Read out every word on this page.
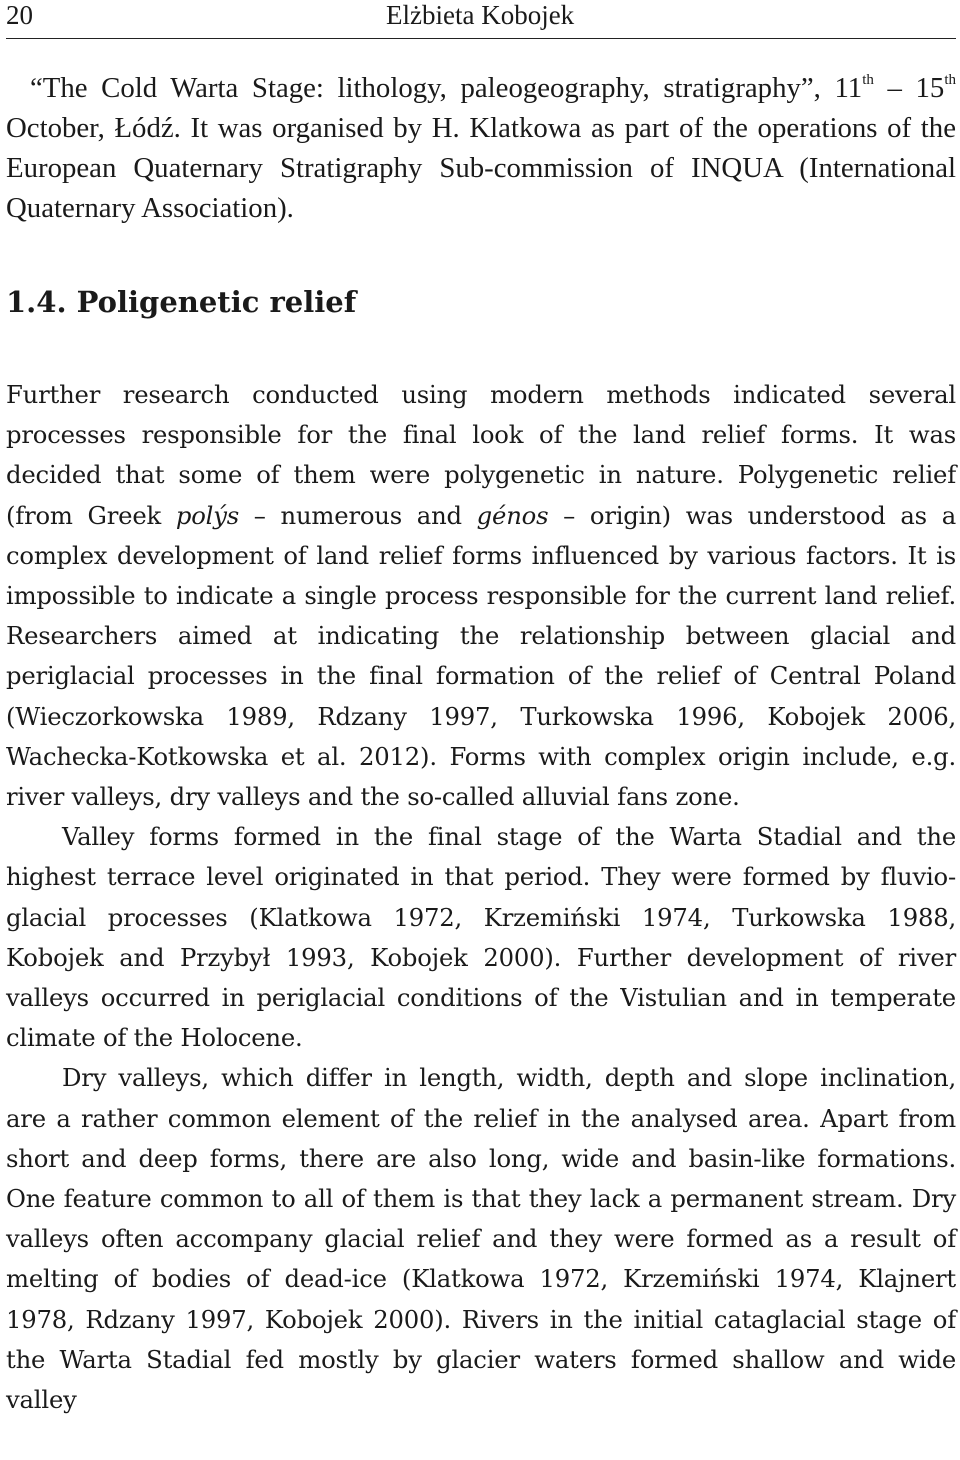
20	Elżbieta Kobojek

“The Cold Warta Stage: lithology, paleogeography, stratigraphy”, 11th – 15th October, Łódź. It was organised by H. Klatkowa as part of the operations of the European Quaternary Stratigraphy Sub-commission of INQUA (International Quaternary Association).

1.4. Poligenetic relief

Further research conducted using modern methods indicated several processes responsible for the final look of the land relief forms. It was decided that some of them were polygenetic in nature. Polygenetic relief (from Greek polýs – numerous and génos – origin) was understood as a complex development of land relief forms influenced by various factors. It is impossible to indicate a single process responsible for the current land relief. Researchers aimed at indicating the relationship between glacial and periglacial processes in the final formation of the relief of Central Poland (Wieczorkowska 1989, Rdzany 1997, Turkowska 1996, Kobojek 2006, Wachecka-Kotkowska et al. 2012). Forms with complex origin include, e.g. river valleys, dry valleys and the so-called alluvial fans zone.

Valley forms formed in the final stage of the Warta Stadial and the highest terrace level originated in that period. They were formed by fluvio-glacial processes (Klatkowa 1972, Krzemiński 1974, Turkowska 1988, Kobojek and Przybył 1993, Kobojek 2000). Further development of river valleys occurred in periglacial conditions of the Vistulian and in temperate climate of the Holocene.

Dry valleys, which differ in length, width, depth and slope inclination, are a rather common element of the relief in the analysed area. Apart from short and deep forms, there are also long, wide and basin-like formations. One feature common to all of them is that they lack a permanent stream. Dry valleys often accompany glacial relief and they were formed as a result of melting of bodies of dead-ice (Klatkowa 1972, Krzemiński 1974, Klajnert 1978, Rdzany 1997, Kobojek 2000). Rivers in the initial cataglacial stage of the Warta Stadial fed mostly by glacier waters formed shallow and wide valley
